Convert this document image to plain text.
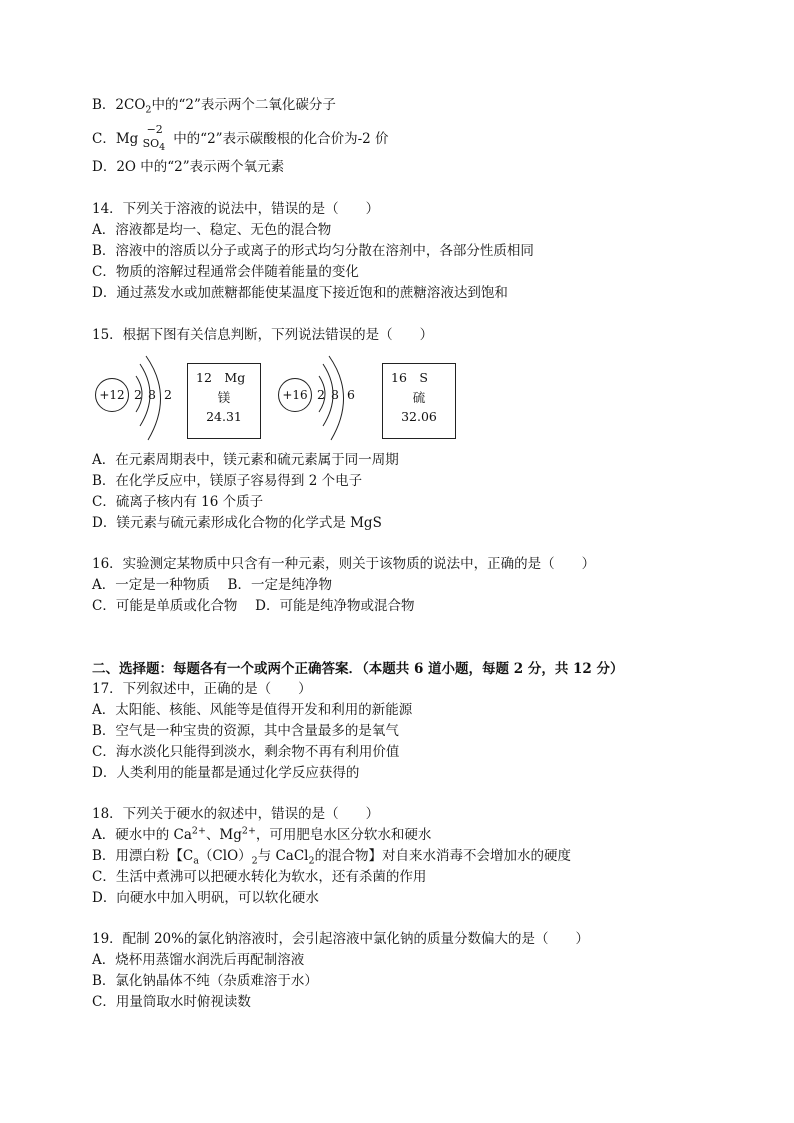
B．$2CO_2$中的“2”表示两个二氧化碳分子
C．Mg
−2
$SO_4$
中的“2”表示碳酸根的化合价为-2 价
D．2O 中的“2”表示两个氧元素
14．下列关于溶液的说法中，错误的是（　　）
A．溶液都是均一、稳定、无色的混合物
B．溶液中的溶质以分子或离子的形式均匀分散在溶剂中，各部分性质相同
C．物质的溶解过程通常会伴随着能量的变化
D．通过蒸发水或加蔗糖都能使某温度下接近饱和的蔗糖溶液达到饱和
15．根据下图有关信息判断，下列说法错误的是（　　）
+12 2 8 2
12　Mg
镁
24.31
+16 2 8 6
16　S
硫
32.06
A．在元素周期表中，镁元素和硫元素属于同一周期
B．在化学反应中，镁原子容易得到 2 个电子
C．硫离子核内有 16 个质子
D．镁元素与硫元素形成化合物的化学式是 MgS
16．实验测定某物质中只含有一种元素，则关于该物质的说法中，正确的是（　　）
A．一定是一种物质　 B．一定是纯净物
C．可能是单质或化合物　 D．可能是纯净物或混合物
二、选择题：每题各有一个或两个正确答案．（本题共 6 道小题，每题 2 分，共 12 分）
17．下列叙述中，正确的是（　　）
A．太阳能、核能、风能等是值得开发和利用的新能源
B．空气是一种宝贵的资源，其中含量最多的是氧气
C．海水淡化只能得到淡水，剩余物不再有利用价值
D．人类利用的能量都是通过化学反应获得的
18．下列关于硬水的叙述中，错误的是（　　）
A．硬水中的 $Ca^{2+}$、$Mg^{2+}$，可用肥皂水区分软水和硬水
B．用漂白粉【$C_a(ClO)_2$与 CaCl$_2$的混合物】对自来水消毒不会增加水的硬度
C．生活中煮沸可以把硬水转化为软水，还有杀菌的作用
D．向硬水中加入明矾，可以软化硬水
19．配制 20%的氯化钠溶液时，会引起溶液中氯化钠的质量分数偏大的是（　　）
A．烧杯用蒸馏水润洗后再配制溶液
B．氯化钠晶体不纯（杂质难溶于水）
C．用量筒取水时俯视读数
